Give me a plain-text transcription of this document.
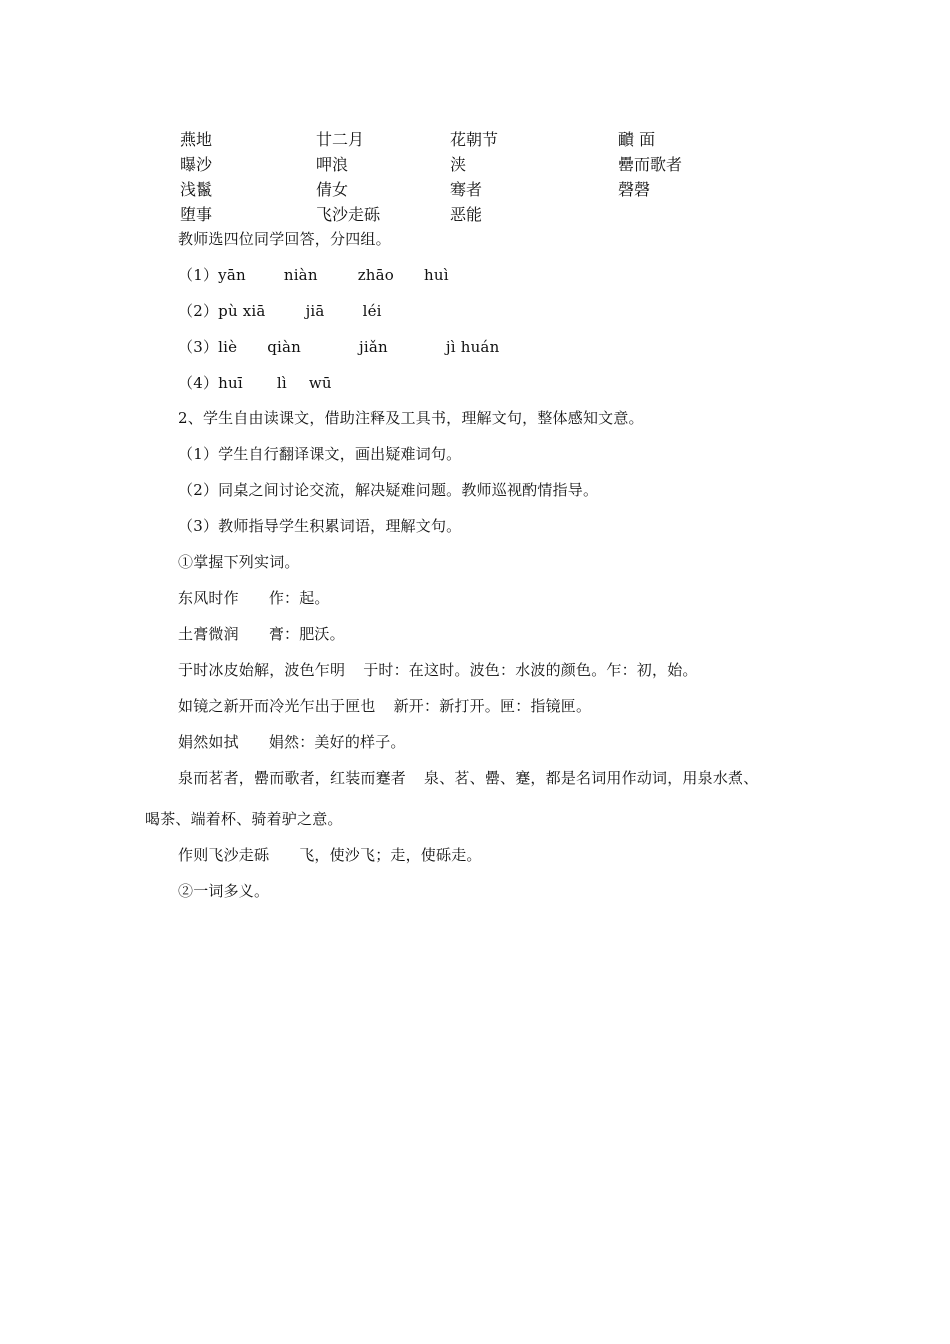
燕地	廿二月	花朝节	靧 面
曝沙	呷浪	浃	罍而歌者
浅鬣	倩女	骞者	磬磬
堕事	飞沙走砾	恶能
教师选四位同学回答，分四组。
（1）yān	niàn	zhāo huì
（2）pù xiā	jiā	léi
（3）liè qiàn	jiǎn	jì huán
（4）huī lì wū
2、学生自由读课文，借助注释及工具书，理解文句，整体感知文意。
（1）学生自行翻译课文，画出疑难词句。
（2）同桌之间讨论交流，解决疑难问题。教师巡视酌情指导。
（3）教师指导学生积累词语，理解文句。
①掌握下列实词。
东风时作 作：起。
土膏微润 膏：肥沃。
于时冰皮始解，波色乍明 于时：在这时。波色：水波的颜色。乍：初，始。
如镜之新开而冷光乍出于匣也 新开：新打开。匣：指镜匣。
娟然如拭 娟然：美好的样子。
泉而茗者，罍而歌者，红装而蹇者 泉、茗、罍、蹇，都是名词用作动词，用泉水煮、
喝茶、端着杯、骑着驴之意。
作则飞沙走砾 飞，使沙飞；走，使砾走。
②一词多义。
